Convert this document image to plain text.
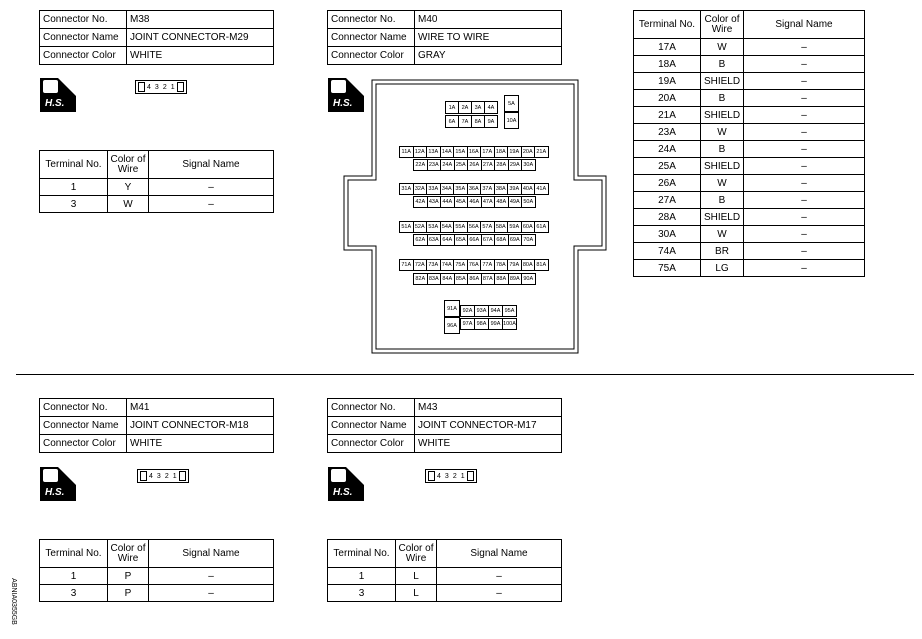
Connector No.	M38
Connector Name	JOINT CONNECTOR-M29
Connector Color	WHITE
H.S.
4 3 2 1
Terminal No.	Color of Wire	Signal Name
1	Y	–
3	W	–
Connector No.	M40
Connector Name	WIRE TO WIRE
Connector Color	GRAY
H.S.	1A	2A	3A	4A
6A	7A	8A	9A
5A
10A
11A 12A 13A 14A 15A 16A 17A 18A 19A 20A 21A
22A 23A 24A 25A 26A 27A 28A 29A 30A
31A 32A 33A 34A 35A 36A 37A 38A 39A 40A 41A
42A 43A 44A 45A 46A 47A 48A 49A 50A
51A 52A 53A 54A 55A 56A 57A 58A 59A 60A 61A
62A 63A 64A 65A 66A 67A 68A 69A 70A
71A 72A 73A 74A 75A 76A 77A 78A 79A 80A 81A
82A 83A 84A 85A 86A 87A 88A 89A 90A
91A
96A
92A 93A 94A 95A
97A 98A 99A 100A
Terminal No.	Color of Wire	Signal Name
17A	W	–
18A	B	–
19A	SHIELD	–
20A	B	–
21A	SHIELD	–
23A	W	–
24A	B	–
25A	SHIELD	–
26A	W	–
27A	B	–
28A	SHIELD	–
30A	W	–
74A	BR	–
75A	LG	–
Connector No.	M41
Connector Name	JOINT CONNECTOR-M18
Connector Color	WHITE
H.S.
4 3 2 1
Terminal No.	Color of Wire	Signal Name
1	P	–
3	P	–
Connector No.	M43
Connector Name	JOINT CONNECTOR-M17
Connector Color	WHITE
H.S.
4 3 2 1
Terminal No.	Color of Wire	Signal Name
1	L	–
3	L	–
ABNIA0355GB
